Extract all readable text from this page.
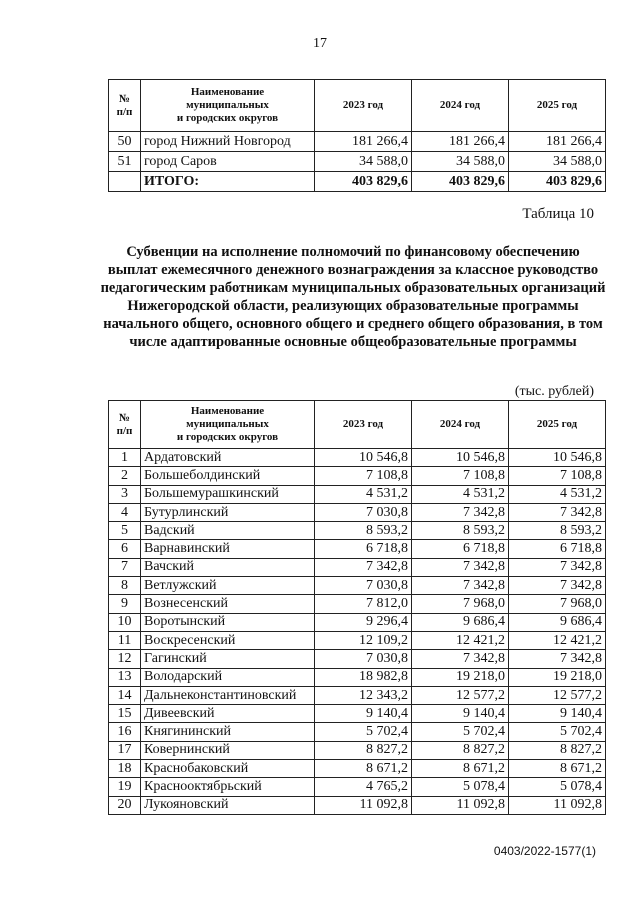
17
№
п/п	Наименование
муниципальных
и городских округов	2023 год	2024 год	2025 год
50	город Нижний Новгород	181 266,4	181 266,4	181 266,4
51	город Саров	34 588,0	34 588,0	34 588,0
	ИТОГО:	403 829,6	403 829,6	403 829,6
Таблица 10
Субвенции на исполнение полномочий по финансовому обеспечению выплат ежемесячного денежного вознаграждения за классное руководство педагогическим работникам муниципальных образовательных организаций Нижегородской области, реализующих образовательные программы начального общего, основного общего и среднего общего образования, в том числе адаптированные основные общеобразовательные программы
(тыс. рублей)
№
п/п	Наименование
муниципальных
и городских округов	2023 год	2024 год	2025 год
1	Ардатовский	10 546,8	10 546,8	10 546,8
2	Большеболдинский	7 108,8	7 108,8	7 108,8
3	Большемурашкинский	4 531,2	4 531,2	4 531,2
4	Бутурлинский	7 030,8	7 342,8	7 342,8
5	Вадский	8 593,2	8 593,2	8 593,2
6	Варнавинский	6 718,8	6 718,8	6 718,8
7	Вачский	7 342,8	7 342,8	7 342,8
8	Ветлужский	7 030,8	7 342,8	7 342,8
9	Вознесенский	7 812,0	7 968,0	7 968,0
10	Воротынский	9 296,4	9 686,4	9 686,4
11	Воскресенский	12 109,2	12 421,2	12 421,2
12	Гагинский	7 030,8	7 342,8	7 342,8
13	Володарский	18 982,8	19 218,0	19 218,0
14	Дальнеконстантиновский	12 343,2	12 577,2	12 577,2
15	Дивеевский	9 140,4	9 140,4	9 140,4
16	Княгининский	5 702,4	5 702,4	5 702,4
17	Ковернинский	8 827,2	8 827,2	8 827,2
18	Краснобаковский	8 671,2	8 671,2	8 671,2
19	Краснооктябрьский	4 765,2	5 078,4	5 078,4
20	Лукояновский	11 092,8	11 092,8	11 092,8
0403/2022-1577(1)
